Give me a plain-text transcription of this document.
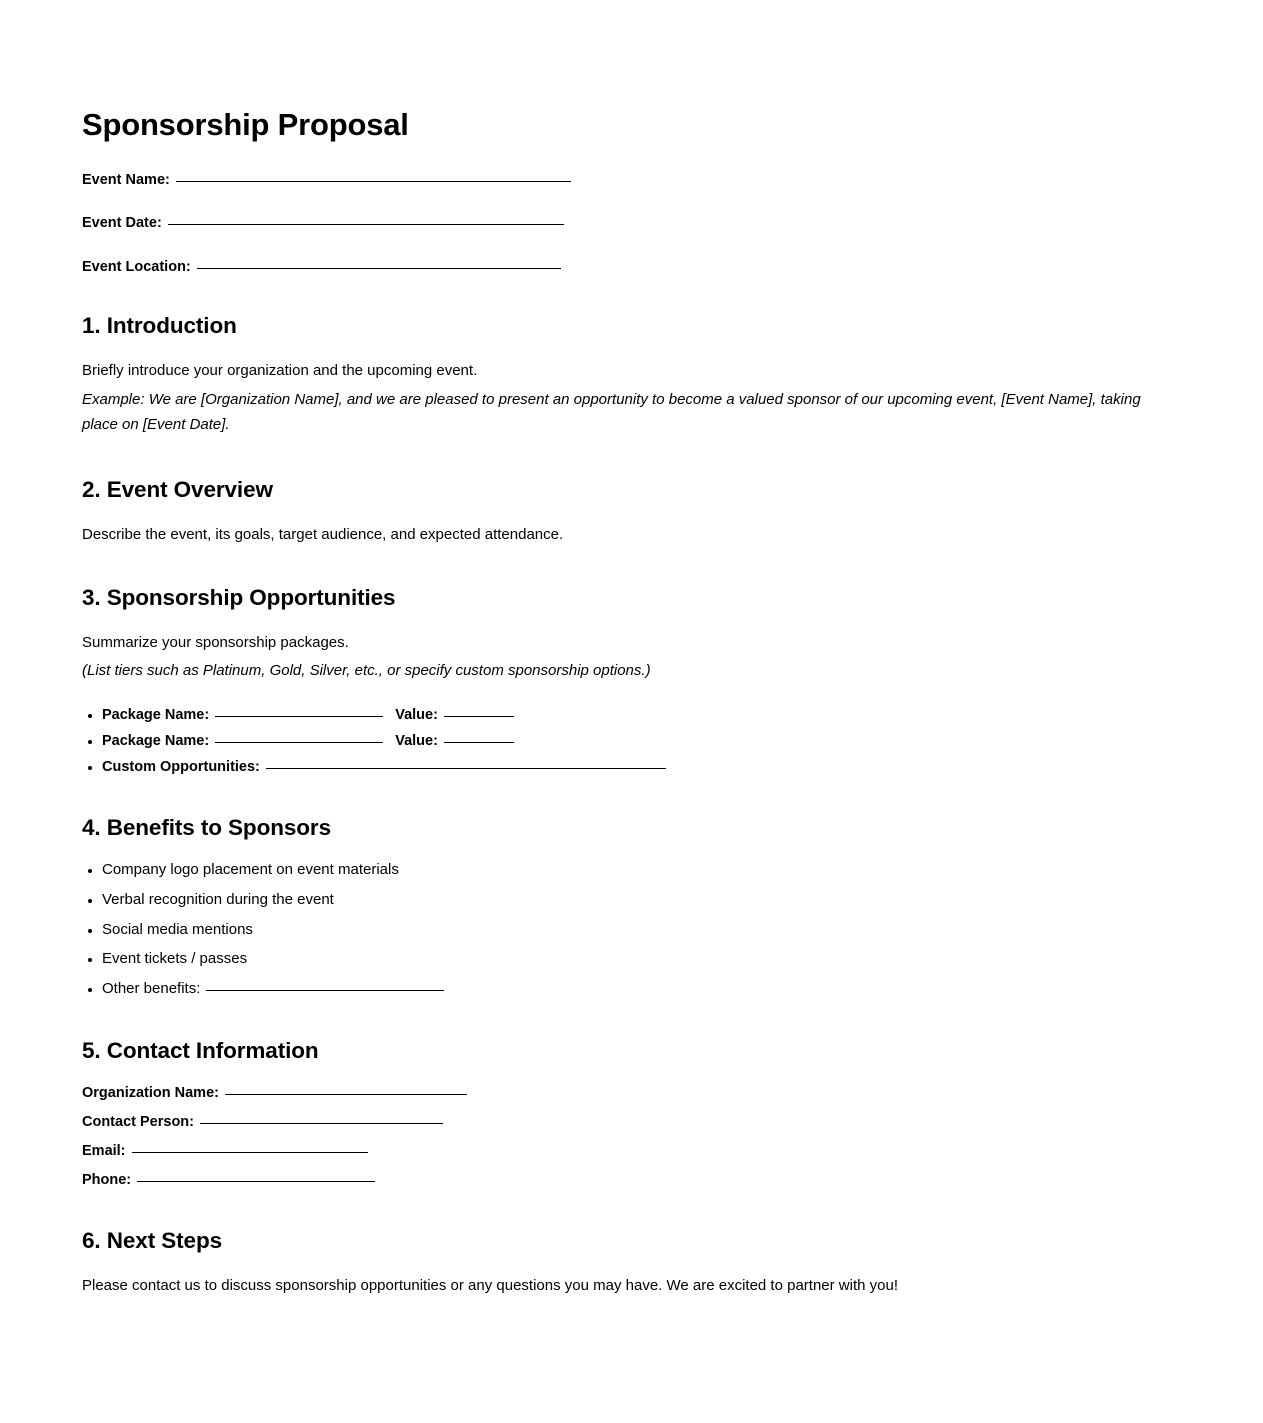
Sponsorship Proposal
Event Name:
Event Date:
Event Location:
1. Introduction

Briefly introduce your organization and the upcoming event.

Example: We are [Organization Name], and we are pleased to present an opportunity to become a valued sponsor of our upcoming event, [Event Name], taking place on [Event Date].

2. Event Overview

Describe the event, its goals, target audience, and expected attendance.

3. Sponsorship Opportunities

Summarize your sponsorship packages.

(List tiers such as Platinum, Gold, Silver, etc., or specify custom sponsorship options.)

Package Name:	Value:
Package Name:	Value:
Custom Opportunities:
4. Benefits to Sponsors
Company logo placement on event materials
Verbal recognition during the event
Social media mentions
Event tickets / passes
Other benefits:
5. Contact Information
Organization Name:
Contact Person:
Email:
Phone:
6. Next Steps

Please contact us to discuss sponsorship opportunities or any questions you may have. We are excited to partner with you!
